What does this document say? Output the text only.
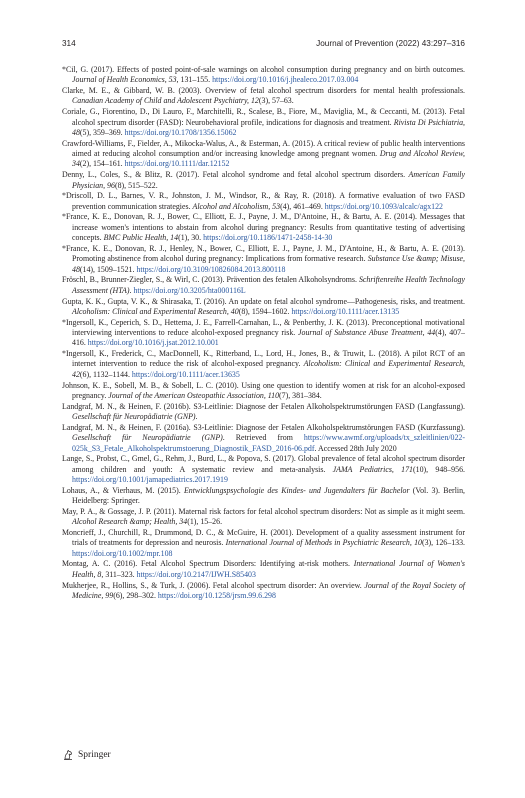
314	Journal of Prevention (2022) 43:297–316

*Cil, G. (2017). Effects of posted point-of-sale warnings on alcohol consumption during pregnancy and on birth outcomes. Journal of Health Economics, 53, 131–155. https://doi.org/10.1016/j.jhealeco.2017.03.004

Clarke, M. E., & Gibbard, W. B. (2003). Overview of fetal alcohol spectrum disorders for mental health professionals. Canadian Academy of Child and Adolescent Psychiatry, 12(3), 57–63.

Coriale, G., Fiorentino, D., Di Lauro, F., Marchitelli, R., Scalese, B., Fiore, M., Maviglia, M., & Ceccanti, M. (2013). Fetal alcohol spectrum disorder (FASD): Neurobehavioral profile, indications for diagnosis and treatment. Rivista Di Psichiatria, 48(5), 359–369. https://doi.org/10.1708/1356.15062

Crawford-Williams, F., Fielder, A., Mikocka-Walus, A., & Esterman, A. (2015). A critical review of public health interventions aimed at reducing alcohol consumption and/or increasing knowledge among pregnant women. Drug and Alcohol Review, 34(2), 154–161. https://doi.org/10.1111/dar.12152

Denny, L., Coles, S., & Blitz, R. (2017). Fetal alcohol syndrome and fetal alcohol spectrum disorders. American Family Physician, 96(8), 515–522.

*Driscoll, D. L., Barnes, V. R., Johnston, J. M., Windsor, R., & Ray, R. (2018). A formative evaluation of two FASD prevention communication strategies. Alcohol and Alcoholism, 53(4), 461–469. https://doi.org/10.1093/alcalc/agx122

*France, K. E., Donovan, R. J., Bower, C., Elliott, E. J., Payne, J. M., D'Antoine, H., & Bartu, A. E. (2014). Messages that increase women's intentions to abstain from alcohol during pregnancy: Results from quantitative testing of advertising concepts. BMC Public Health, 14(1), 30. https://doi.org/10.1186/1471-2458-14-30

*France, K. E., Donovan, R. J., Henley, N., Bower, C., Elliott, E. J., Payne, J. M., D'Antoine, H., & Bartu, A. E. (2013). Promoting abstinence from alcohol during pregnancy: Implications from formative research. Substance Use &amp; Misuse, 48(14), 1509–1521. https://doi.org/10.3109/10826084.2013.800118

Fröschl, B., Brunner-Ziegler, S., & Wirl, C. (2013). Prävention des fetalen Alkoholsyndroms. Schriftenreihe Health Technology Assessment (HTA). https://doi.org/10.3205/hta000116L

Gupta, K. K., Gupta, V. K., & Shirasaka, T. (2016). An update on fetal alcohol syndrome—Pathogenesis, risks, and treatment. Alcoholism: Clinical and Experimental Research, 40(8), 1594–1602. https://doi.org/10.1111/acer.13135

*Ingersoll, K., Ceperich, S. D., Hettema, J. E., Farrell-Carnahan, L., & Penberthy, J. K. (2013). Preconceptional motivational interviewing interventions to reduce alcohol-exposed pregnancy risk. Journal of Substance Abuse Treatment, 44(4), 407–416. https://doi.org/10.1016/j.jsat.2012.10.001

*Ingersoll, K., Frederick, C., MacDonnell, K., Ritterband, L., Lord, H., Jones, B., & Truwit, L. (2018). A pilot RCT of an internet intervention to reduce the risk of alcohol-exposed pregnancy. Alcoholism: Clinical and Experimental Research, 42(6), 1132–1144. https://doi.org/10.1111/acer.13635

Johnson, K. E., Sobell, M. B., & Sobell, L. C. (2010). Using one question to identify women at risk for an alcohol-exposed pregnancy. Journal of the American Osteopathic Association, 110(7), 381–384.

Landgraf, M. N., & Heinen, F. (2016b). S3-Leitlinie: Diagnose der Fetalen Alkoholspektrumstörungen FASD (Langfassung). Gesellschaft für Neuropädiatrie (GNP).

Landgraf, M. N., & Heinen, F. (2016a). S3-Leitlinie: Diagnose der Fetalen Alkoholspektrumstörungen FASD (Kurzfassung). Gesellschaft für Neuropädiatrie (GNP). Retrieved from https://www.awmf.org/uploads/tx_szleitlinien/022-025k_S3_Fetale_Alkoholspektrumstoerung_Diagnostik_FASD_2016-06.pdf. Accessed 28th July 2020

Lange, S., Probst, C., Gmel, G., Rehm, J., Burd, L., & Popova, S. (2017). Global prevalence of fetal alcohol spectrum disorder among children and youth: A systematic review and meta-analysis. JAMA Pediatrics, 171(10), 948–956. https://doi.org/10.1001/jamapediatrics.2017.1919

Lohaus, A., & Vierhaus, M. (2015). Entwicklungspsychologie des Kindes- und Jugendalters für Bachelor (Vol. 3). Berlin, Heidelberg: Springer.

May, P. A., & Gossage, J. P. (2011). Maternal risk factors for fetal alcohol spectrum disorders: Not as simple as it might seem. Alcohol Research &amp; Health, 34(1), 15–26.

Moncrieff, J., Churchill, R., Drummond, D. C., & McGuire, H. (2001). Development of a quality assessment instrument for trials of treatments for depression and neurosis. International Journal of Methods in Psychiatric Research, 10(3), 126–133. https://doi.org/10.1002/mpr.108

Montag, A. C. (2016). Fetal Alcohol Spectrum Disorders: Identifying at-risk mothers. International Journal of Women's Health, 8, 311–323. https://doi.org/10.2147/IJWH.S85403

Mukherjee, R., Hollins, S., & Turk, J. (2006). Fetal alcohol spectrum disorder: An overview. Journal of the Royal Society of Medicine, 99(6), 298–302. https://doi.org/10.1258/jrsm.99.6.298

Springer
